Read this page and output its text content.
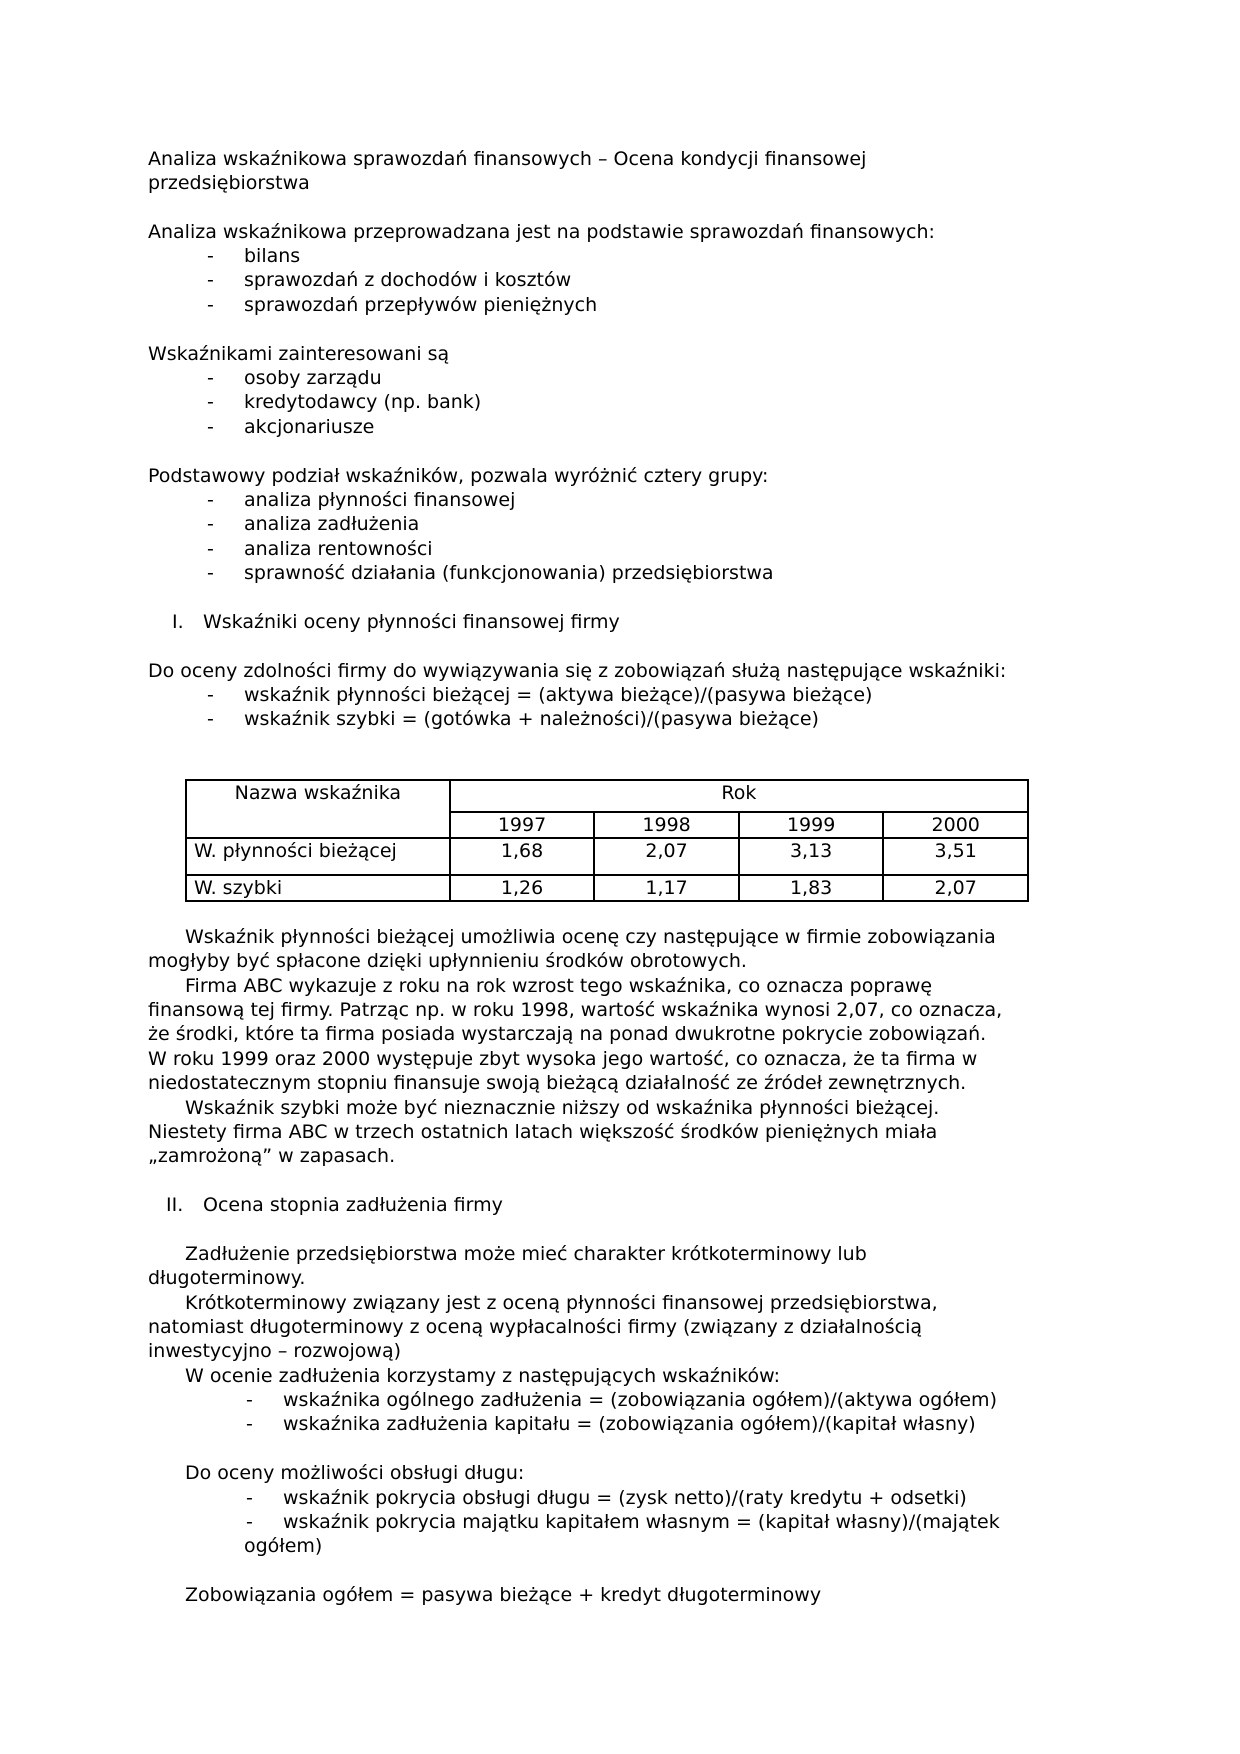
Analiza wskaźnikowa sprawozdań finansowych – Ocena kondycji finansowej

przedsiębiorstwa

Analiza wskaźnikowa przeprowadzana jest na podstawie sprawozdań finansowych:

- bilans
- sprawozdań z dochodów i kosztów
- sprawozdań przepływów pieniężnych

Wskaźnikami zainteresowani są

- osoby zarządu
- kredytodawcy (np. bank)
- akcjonariusze

Podstawowy podział wskaźników, pozwala wyróżnić cztery grupy:

- analiza płynności finansowej
- analiza zadłużenia
- analiza rentowności
- sprawność działania (funkcjonowania) przedsiębiorstwa

I. Wskaźniki oceny płynności finansowej firmy

Do oceny zdolności firmy do wywiązywania się z zobowiązań służą następujące wskaźniki:

- wskaźnik płynności bieżącej = (aktywa bieżące)/(pasywa bieżące)
- wskaźnik szybki = (gotówka + należności)/(pasywa bieżące)
Nazwa wskaźnika	Rok			
	1997	1998	1999	2000
W. płynności bieżącej	1,68	2,07	3,13	3,51
W. szybki	1,26	1,17	1,83	2,07

Wskaźnik płynności bieżącej umożliwia ocenę czy następujące w firmie zobowiązania

mogłyby być spłacone dzięki upłynnieniu środków obrotowych.

Firma ABC wykazuje z roku na rok wzrost tego wskaźnika, co oznacza poprawę

finansową tej firmy. Patrząc np. w roku 1998, wartość wskaźnika wynosi 2,07, co oznacza,

że środki, które ta firma posiada wystarczają na ponad dwukrotne pokrycie zobowiązań.

W roku 1999 oraz 2000 występuje zbyt wysoka jego wartość, co oznacza, że ta firma w

niedostatecznym stopniu finansuje swoją bieżącą działalność ze źródeł zewnętrznych.

Wskaźnik szybki może być nieznacznie niższy od wskaźnika płynności bieżącej.

Niestety firma ABC w trzech ostatnich latach większość środków pieniężnych miała

„zamrożoną” w zapasach.

II. Ocena stopnia zadłużenia firmy

Zadłużenie przedsiębiorstwa może mieć charakter krótkoterminowy lub

długoterminowy.

Krótkoterminowy związany jest z oceną płynności finansowej przedsiębiorstwa,

natomiast długoterminowy z oceną wypłacalności firmy (związany z działalnością

inwestycyjno – rozwojową)

W ocenie zadłużenia korzystamy z następujących wskaźników:

- wskaźnika ogólnego zadłużenia = (zobowiązania ogółem)/(aktywa ogółem)
- wskaźnika zadłużenia kapitału = (zobowiązania ogółem)/(kapitał własny)

Do oceny możliwości obsługi długu:

- wskaźnik pokrycia obsługi długu = (zysk netto)/(raty kredytu + odsetki)
- wskaźnik pokrycia majątku kapitałem własnym = (kapitał własny)/(majątek

ogółem)

Zobowiązania ogółem = pasywa bieżące + kredyt długoterminowy
